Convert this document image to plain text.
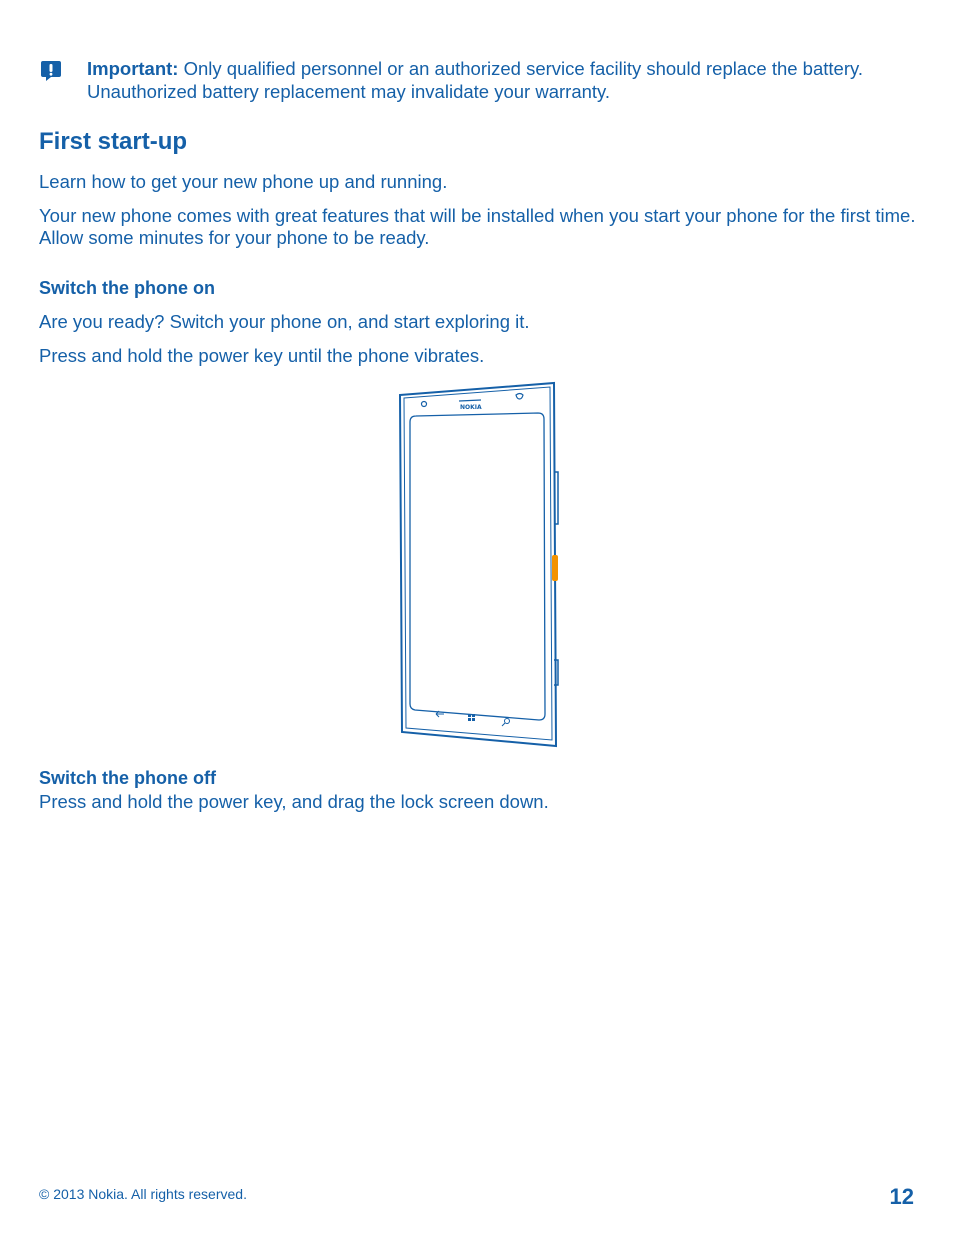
Important: Only qualified personnel or an authorized service facility should replace the battery. Unauthorized battery replacement may invalidate your warranty.
First start-up

Learn how to get your new phone up and running.

Your new phone comes with great features that will be installed when you start your phone for the first time. Allow some minutes for your phone to be ready.

Switch the phone on

Are you ready? Switch your phone on, and start exploring it.

Press and hold the power key until the phone vibrates.

NOKIA
Switch the phone off

Press and hold the power key, and drag the lock screen down.

© 2013 Nokia. All rights reserved.	12
